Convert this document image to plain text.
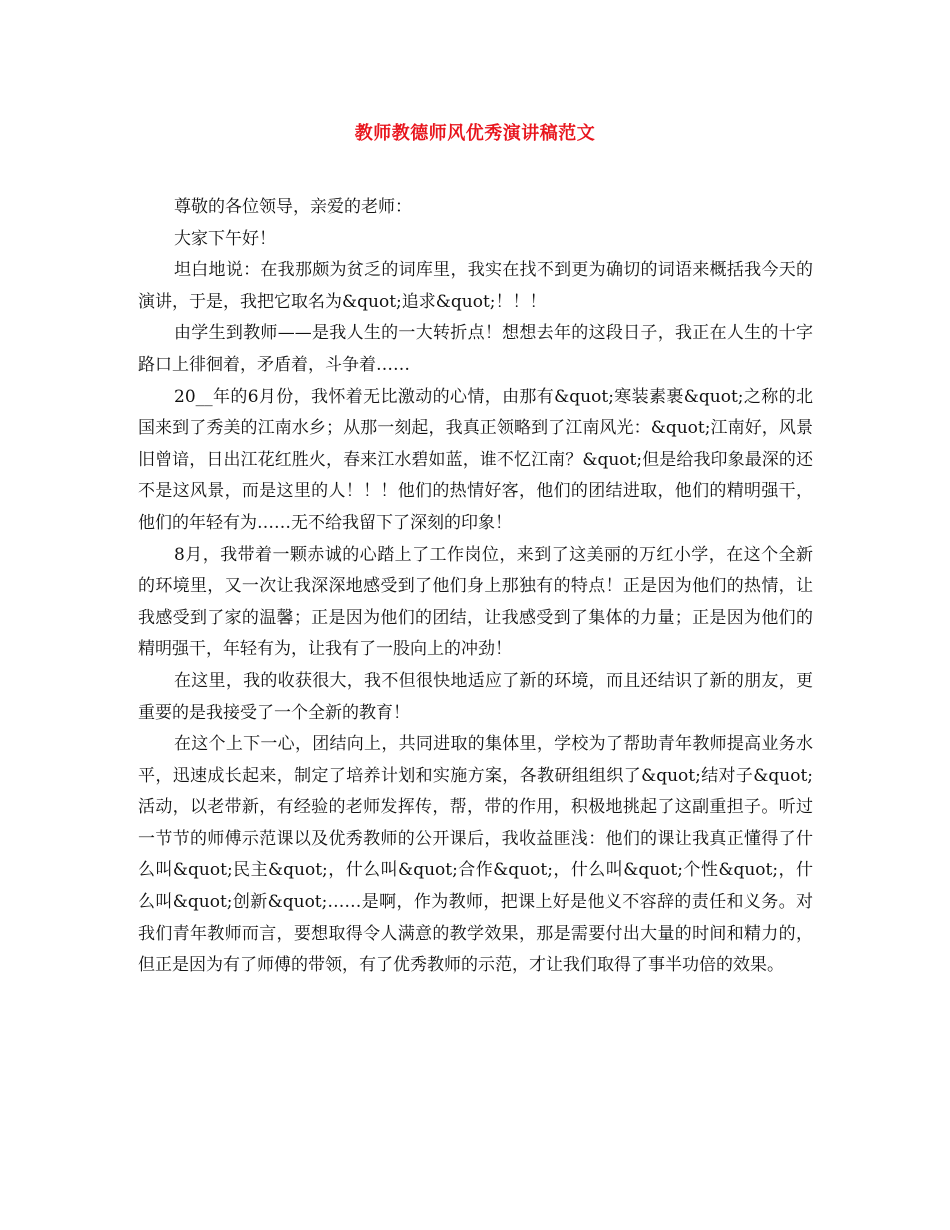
教师教德师风优秀演讲稿范文

尊敬的各位领导，亲爱的老师：

大家下午好！

坦白地说：在我那颇为贫乏的词库里，我实在找不到更为确切的词语来概括我今天的演讲，于是，我把它取名为&quot;追求&quot;！！！

由学生到教师——是我人生的一大转折点！想想去年的这段日子，我正在人生的十字路口上徘徊着，矛盾着，斗争着……

20__年的6月份，我怀着无比激动的心情，由那有&quot;寒装素裹&quot;之称的北国来到了秀美的江南水乡；从那一刻起，我真正领略到了江南风光：&quot;江南好，风景旧曾谙，日出江花红胜火，春来江水碧如蓝，谁不忆江南？&quot;但是给我印象最深的还不是这风景，而是这里的人！！！他们的热情好客，他们的团结进取，他们的精明强干，他们的年轻有为……无不给我留下了深刻的印象！

8月，我带着一颗赤诚的心踏上了工作岗位，来到了这美丽的万红小学，在这个全新的环境里，又一次让我深深地感受到了他们身上那独有的特点！正是因为他们的热情，让我感受到了家的温馨；正是因为他们的团结，让我感受到了集体的力量；正是因为他们的精明强干，年轻有为，让我有了一股向上的冲劲！

在这里，我的收获很大，我不但很快地适应了新的环境，而且还结识了新的朋友，更重要的是我接受了一个全新的教育！

在这个上下一心，团结向上，共同进取的集体里，学校为了帮助青年教师提高业务水平，迅速成长起来，制定了培养计划和实施方案，各教研组组织了&quot;结对子&quot;活动，以老带新，有经验的老师发挥传，帮，带的作用，积极地挑起了这副重担子。听过一节节的师傅示范课以及优秀教师的公开课后，我收益匪浅：他们的课让我真正懂得了什么叫&quot;民主&quot;，什么叫&quot;合作&quot;，什么叫&quot;个性&quot;，什么叫&quot;创新&quot;……是啊，作为教师，把课上好是他义不容辞的责任和义务。对我们青年教师而言，要想取得令人满意的教学效果，那是需要付出大量的时间和精力的，但正是因为有了师傅的带领，有了优秀教师的示范，才让我们取得了事半功倍的效果。
